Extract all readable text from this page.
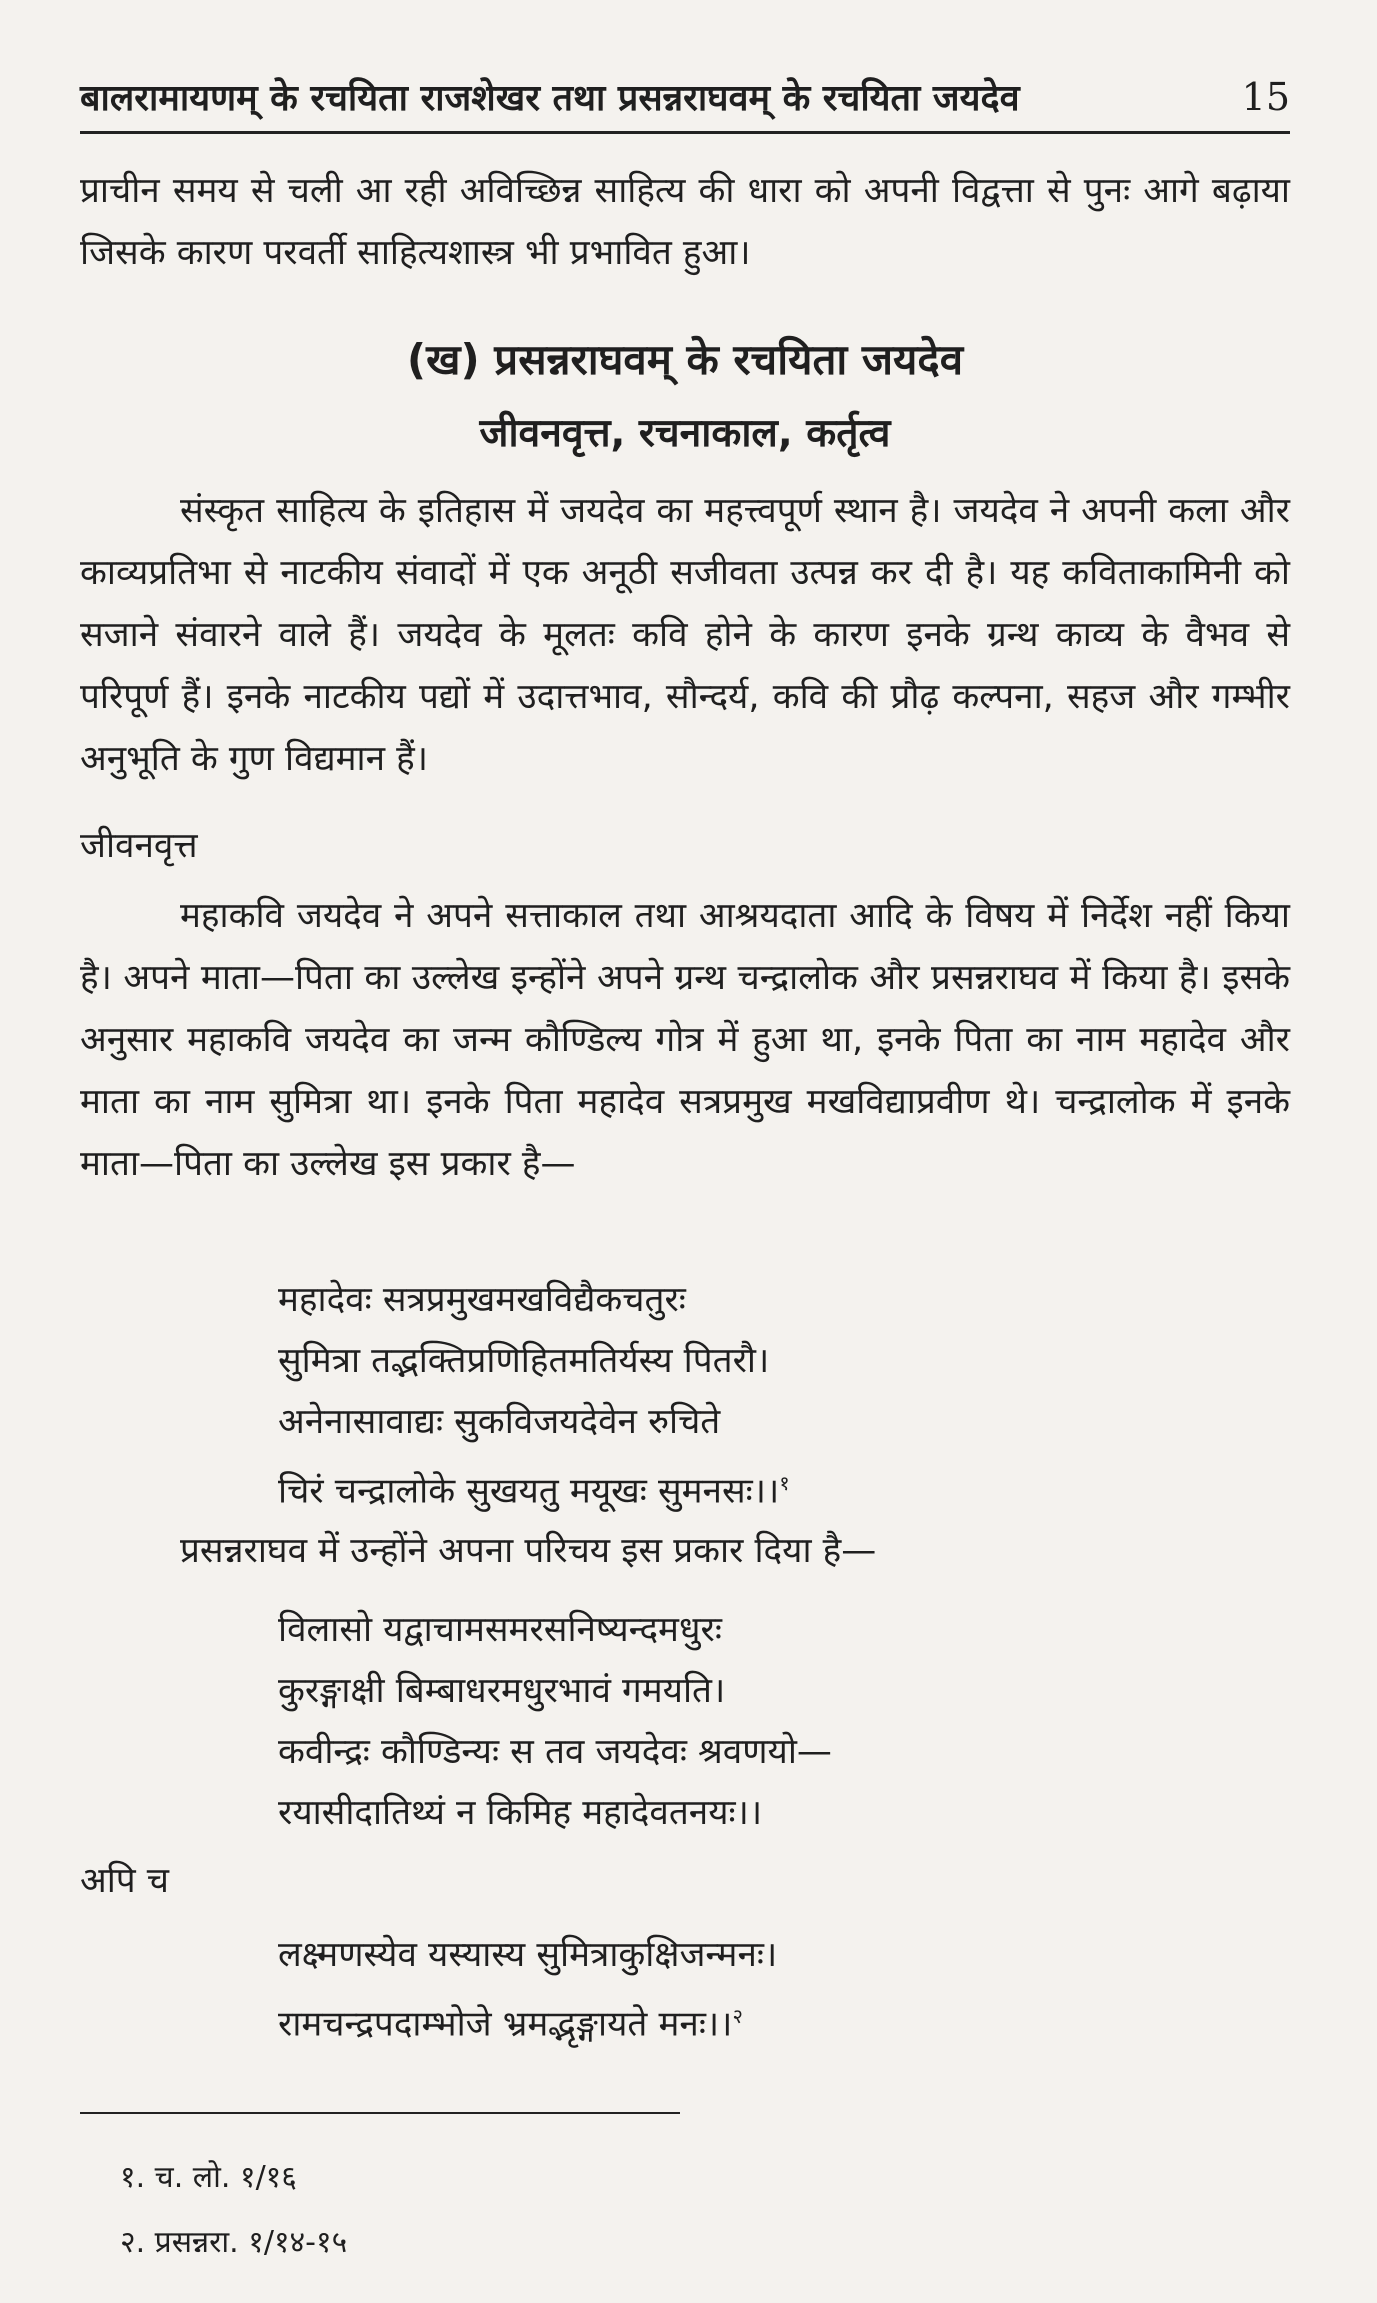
बालरामायणम् के रचयिता राजशेखर तथा प्रसन्नराघवम् के रचयिता जयदेव	15
प्राचीन समय से चली आ रही अविच्छिन्न साहित्य की धारा को अपनी विद्वत्ता से पुनः आगे बढ़ाया जिसके कारण परवर्ती साहित्यशास्त्र भी प्रभावित हुआ।
(ख) प्रसन्नराघवम् के रचयिता जयदेव
जीवनवृत्त, रचनाकाल, कर्तृत्व
संस्कृत साहित्य के इतिहास में जयदेव का महत्त्वपूर्ण स्थान है। जयदेव ने अपनी कला और काव्यप्रतिभा से नाटकीय संवादों में एक अनूठी सजीवता उत्पन्न कर दी है। यह कविताकामिनी को सजाने संवारने वाले हैं। जयदेव के मूलतः कवि होने के कारण इनके ग्रन्थ काव्य के वैभव से परिपूर्ण हैं। इनके नाटकीय पद्यों में उदात्तभाव, सौन्दर्य, कवि की प्रौढ़ कल्पना, सहज और गम्भीर अनुभूति के गुण विद्यमान हैं।
जीवनवृत्त
महाकवि जयदेव ने अपने सत्ताकाल तथा आश्रयदाता आदि के विषय में निर्देश नहीं किया है। अपने माता—पिता का उल्लेख इन्होंने अपने ग्रन्थ चन्द्रालोक और प्रसन्नराघव में किया है। इसके अनुसार महाकवि जयदेव का जन्म कौण्डिल्य गोत्र में हुआ था, इनके पिता का नाम महादेव और माता का नाम सुमित्रा था। इनके पिता महादेव सत्रप्रमुख मखविद्याप्रवीण थे। चन्द्रालोक में इनके माता—पिता का उल्लेख इस प्रकार है—
महादेवः सत्रप्रमुखमखविद्यैकचतुरः
सुमित्रा तद्भक्तिप्रणिहितमतिर्यस्य पितरौ।
अनेनासावाद्यः सुकविजयदेवेन रुचिते
चिरं चन्द्रालोके सुखयतु मयूखः सुमनसः।।$^१$
प्रसन्नराघव में उन्होंने अपना परिचय इस प्रकार दिया है—
विलासो यद्वाचामसमरसनिष्यन्दमधुरः
कुरङ्गाक्षी बिम्बाधरमधुरभावं गमयति।
कवीन्द्रः कौण्डिन्यः स तव जयदेवः श्रवणयो—
रयासीदातिथ्यं न किमिह महादेवतनयः।।
अपि च
लक्ष्मणस्येव यस्यास्य सुमित्राकुक्षिजन्मनः।
रामचन्द्रपदाम्भोजे भ्रमद्भृङ्गायते मनः।।$^२$
१. च. लो. १/१६
२. प्रसन्नरा. १/१४-१५
